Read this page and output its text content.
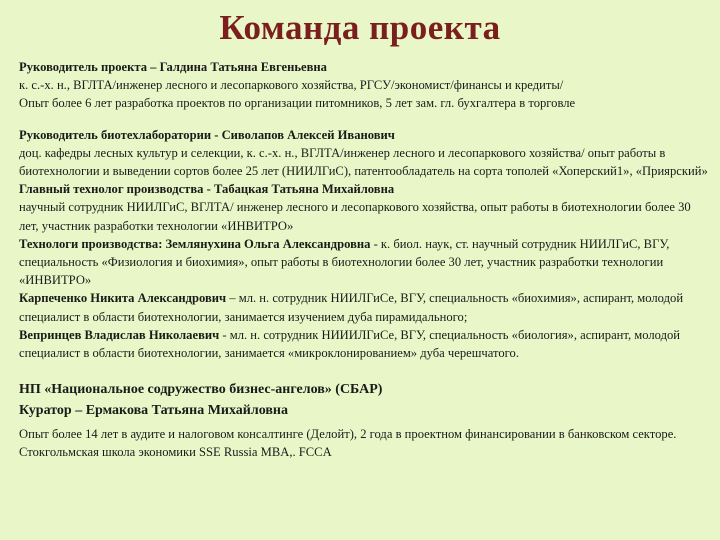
Команда проекта
Руководитель проекта – Галдина Татьяна Евгеньевна
к. с.-х. н., ВГЛТА/инженер лесного и лесопаркового хозяйства, РГСУ/экономист/финансы и кредиты/
Опыт более 6 лет разработка проектов по организации питомников, 5 лет зам. гл. бухгалтера в торговле
Руководитель биотехлаборатории - Сиволапов Алексей Иванович
доц. кафедры лесных культур и селекции, к. с.-х. н., ВГЛТА/инженер лесного и лесопаркового хозяйства/ опыт работы в биотехнологии и выведении сортов более 25 лет (НИИЛГиС), патентообладатель на сорта тополей «Хоперский1», «Приярский»
Главный технолог производства - Табацкая Татьяна Михайловна
научный сотрудник НИИЛГиС, ВГЛТА/ инженер лесного и лесопаркового хозяйства, опыт работы в биотехнологии более 30 лет, участник разработки технологии «ИНВИТРО»
Технологи производства: Землянухина Ольга Александровна - к. биол. наук, ст. научный сотрудник НИИЛГиС, ВГУ, специальность «Физиология и биохимия», опыт работы в биотехнологии более 30 лет, участник разработки технологии «ИНВИТРО»
Карпеченко Никита Александрович – мл. н. сотрудник НИИЛГиСе, ВГУ, специальность «биохимия», аспирант, молодой специалист в области биотехнологии, занимается изучением дуба пирамидального;
Вепринцев Владислав Николаевич - мл. н. сотрудник НИИИЛГиСе, ВГУ, специальность «биология», аспирант, молодой специалист в области биотехнологии, занимается «микроклонированием» дуба черешчатого.
НП «Национальное содружество бизнес-ангелов» (СБАР)
Куратор – Ермакова Татьяна Михайловна
Опыт более 14 лет в аудите и налоговом консалтинге (Делойт), 2 года в проектном финансировании в банковском секторе. Стокгольмская школа экономики SSE Russia MBA,. FCCA
